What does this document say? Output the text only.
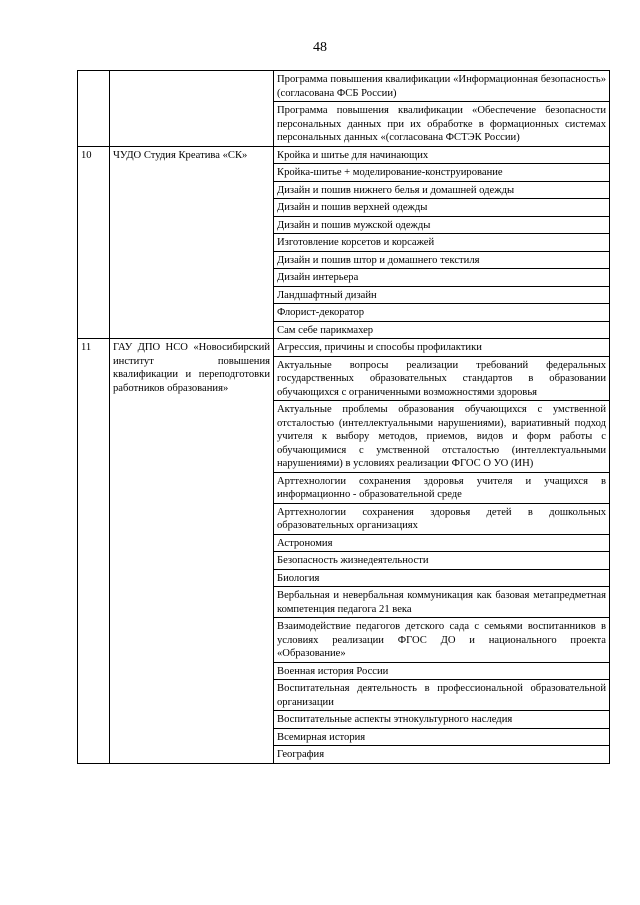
48
		Программа повышения квалификации «Информационная безопасность» (согласована ФСБ России)
		Программа повышения квалификации «Обеспечение безопасности персональных данных при их обработке в формационных системах персональных данных «(согласована ФСТЭК России)
10	ЧУДО Студия Креатива «СК»	Кройка и шитье для начинающих
		Кройка-шитье + моделирование-конструирование
		Дизайн и пошив нижнего белья и домашней одежды
		Дизайн и пошив верхней одежды
		Дизайн и пошив мужской одежды
		Изготовление корсетов и корсажей
		Дизайн и пошив штор и домашнего текстиля
		Дизайн интерьера
		Ландшафтный дизайн
		Флорист-декоратор
		Сам себе парикмахер
11	ГАУ ДПО НСО «Новосибирский институт повышения квалификации и переподготовки работников образования»	Агрессия, причины и способы профилактики
		Актуальные вопросы реализации требований федеральных государственных образовательных стандартов в образовании обучающихся с ограниченными возможностями здоровья
		Актуальные проблемы образования обучающихся с умственной отсталостью (интеллектуальными нарушениями), вариативный подход учителя к выбору методов, приемов, видов и форм работы с обучающимися с умственной отсталостью (интеллектуальными нарушениями) в условиях реализации ФГОС О УО (ИН)
		Арттехнологии сохранения здоровья учителя и учащихся в информационно - образовательной среде
		Арттехнологии сохранения здоровья детей в дошкольных образовательных организациях
		Астрономия
		Безопасность жизнедеятельности
		Биология
		Вербальная и невербальная коммуникация как базовая метапредметная компетенция педагога 21 века
		Взаимодействие педагогов детского сада с семьями воспитанников в условиях реализации ФГОС ДО и национального проекта «Образование»
		Военная история России
		Воспитательная деятельность в профессиональной образовательной организации
		Воспитательные аспекты этнокультурного наследия
		Всемирная история
		География
